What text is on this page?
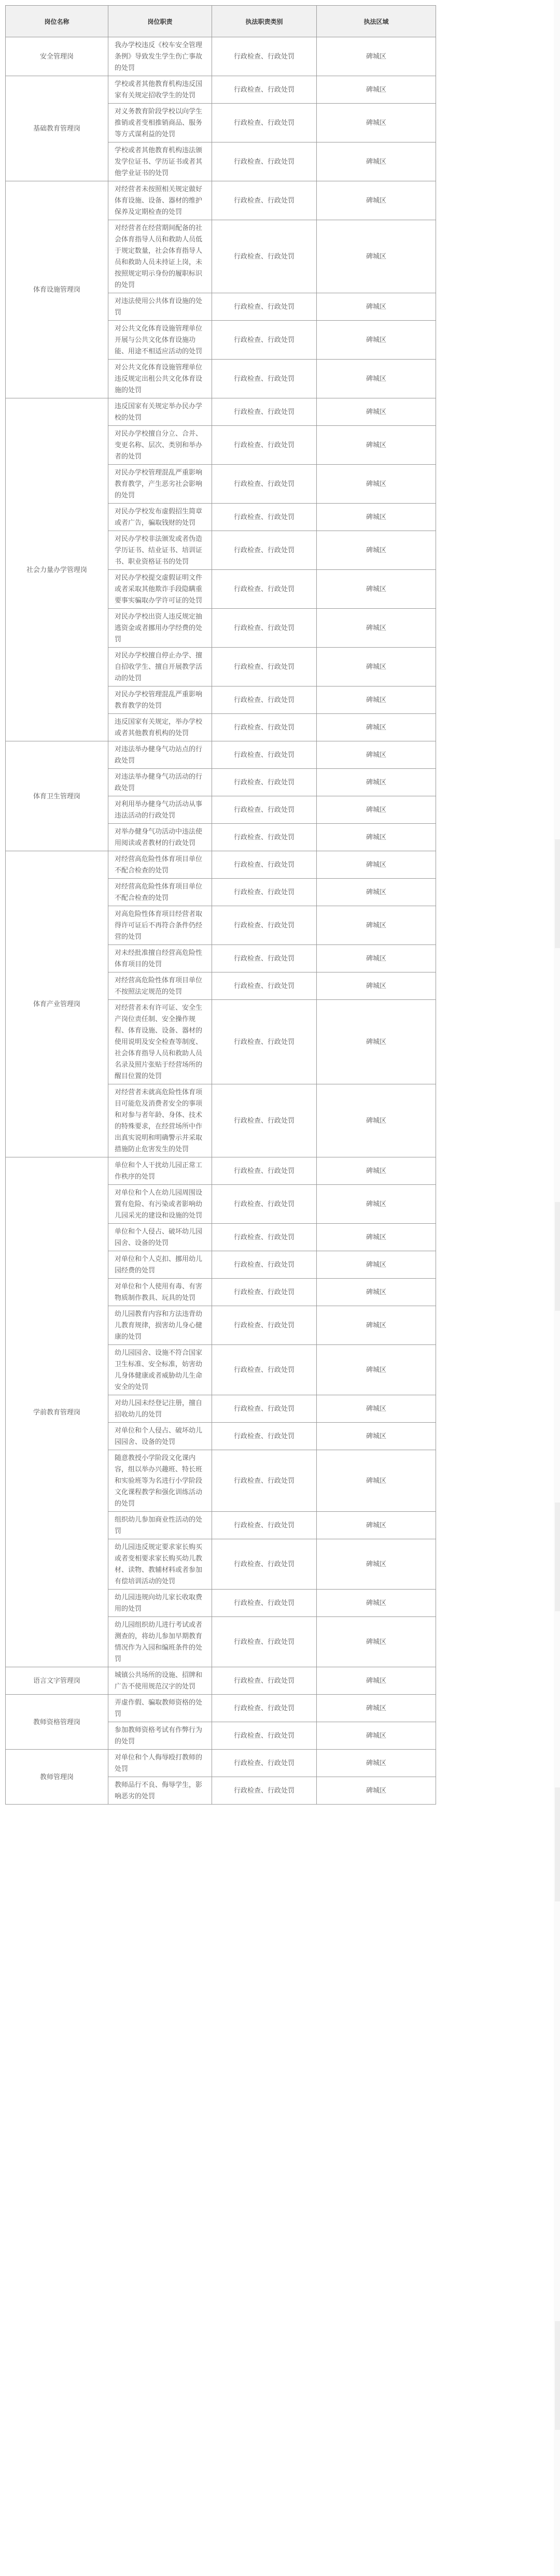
岗位名称	岗位职责	执法职责类别	执法区域
安全管理岗	我办学校违反《校车安全管理条例》导致发生学生伤亡事故的处罚	行政检查、行政处罚	碑城区
基础教育管理岗	学校或者其他教育机构违反国家有关规定招收学生的处罚	行政检查、行政处罚	碑城区
	对义务教育阶段学校以向学生推销或者变相推销商品、服务等方式谋利益的处罚	行政检查、行政处罚	碑城区
	学校或者其他教育机构违法颁发学位证书、学历证书或者其他学业证书的处罚	行政检查、行政处罚	碑城区
体育设施管理岗	对经营者未按照相关规定做好体育设施、设备、器材的维护保养及定期检查的处罚	行政检查、行政处罚	碑城区
	对经营者在经营期间配备的社会体育指导人员和救助人员低于规定数量，社会体育指导人员和救助人员未持证上岗，未按照规定明示身份的履职标识的处罚	行政检查、行政处罚	碑城区
	对违法使用公共体育设施的处罚	行政检查、行政处罚	碑城区
	对公共文化体育设施管理单位开展与公共文化体育设施功能、用途不相适应活动的处罚	行政检查、行政处罚	碑城区
	对公共文化体育设施管理单位违反规定出租公共文化体育设施的处罚	行政检查、行政处罚	碑城区
社会力量办学管理岗	违反国家有关规定举办民办学校的处罚	行政检查、行政处罚	碑城区
	对民办学校擅自分立、合并、变更名称、层次、类别和举办者的处罚	行政检查、行政处罚	碑城区
	对民办学校管理混乱严重影响教育教学，产生恶劣社会影响的处罚	行政检查、行政处罚	碑城区
	对民办学校发布虚假招生简章或者广告，骗取钱财的处罚	行政检查、行政处罚	碑城区
	对民办学校非法颁发或者伪造学历证书、结业证书、培训证书、职业资格证书的处罚	行政检查、行政处罚	碑城区
	对民办学校提交虚假证明文件或者采取其他欺诈手段隐瞒重要事实骗取办学许可证的处罚	行政检查、行政处罚	碑城区
	对民办学校出资人违反规定抽逃资金或者挪用办学经费的处罚	行政检查、行政处罚	碑城区
	对民办学校擅自停止办学、擅自招收学生、擅自开展教学活动的处罚	行政检查、行政处罚	碑城区
	对民办学校管理混乱严重影响教育教学的处罚	行政检查、行政处罚	碑城区
	违反国家有关规定，举办学校或者其他教育机构的处罚	行政检查、行政处罚	碑城区
体育卫生管理岗	对违法举办健身气功站点的行政处罚	行政检查、行政处罚	碑城区
	对违法举办健身气功活动的行政处罚	行政检查、行政处罚	碑城区
	对利用举办健身气功活动从事违法活动的行政处罚	行政检查、行政处罚	碑城区
	对举办健身气功活动中违法使用阅读或者教材的行政处罚	行政检查、行政处罚	碑城区
体育产业管理岗	对经营高危险性体育项目单位不配合检查的处罚	行政检查、行政处罚	碑城区
	对经营高危险性体育项目单位不配合检查的处罚	行政检查、行政处罚	碑城区
	对高危险性体育项目经营者取得许可证后不再符合条件仍经营的处罚	行政检查、行政处罚	碑城区
	对未经批准擅自经营高危险性体育项目的处罚	行政检查、行政处罚	碑城区
	对经营高危险性体育项目单位不按照法定规范的处罚	行政检查、行政处罚	碑城区
	对经营者未有许可证、安全生产岗位责任制、安全操作规程、体育设施、设备、器材的使用说明及安全检查等制度、社会体育指导人员和救助人员名录及照片张贴于经营场所的醒目位置的处罚	行政检查、行政处罚	碑城区
	对经营者未就高危险性体育项目可能危及消费者安全的事项和对参与者年龄、身体、技术的特殊要求，在经营场所中作出真实说明和明确警示并采取措施防止危害发生的处罚	行政检查、行政处罚	碑城区
学前教育管理岗	单位和个人干扰幼儿园正常工作秩序的处罚	行政检查、行政处罚	碑城区
	对单位和个人在幼儿园周围设置有危险、有污染或者影响幼儿园采光的建设和设施的处罚	行政检查、行政处罚	碑城区
	单位和个人侵占、破坏幼儿园园舍、设备的处罚	行政检查、行政处罚	碑城区
	对单位和个人克扣、挪用幼儿园经费的处罚	行政检查、行政处罚	碑城区
	对单位和个人使用有毒、有害物质制作教具、玩具的处罚	行政检查、行政处罚	碑城区
	幼儿园教育内容和方法违背幼儿教育规律，损害幼儿身心健康的处罚	行政检查、行政处罚	碑城区
	幼儿园园舍、设施不符合国家卫生标准、安全标准，妨害幼儿身体健康或者威胁幼儿生命安全的处罚	行政检查、行政处罚	碑城区
	对幼儿园未经登记注册，擅自招收幼儿的处罚	行政检查、行政处罚	碑城区
	对单位和个人侵占、破坏幼儿园园舍、设备的处罚	行政检查、行政处罚	碑城区
	随意教授小学阶段文化课内容，组以举办兴趣班、特长班和实验班等为名进行小学阶段文化课程教学和强化训练活动的处罚	行政检查、行政处罚	碑城区
	组织幼儿参加商业性活动的处罚	行政检查、行政处罚	碑城区
	幼儿园违反规定要求家长购买或者变相要求家长购买幼儿教材、读物、教辅材料或者参加有偿培训活动的处罚	行政检查、行政处罚	碑城区
	幼儿园违规向幼儿家长收取费用的处罚	行政检查、行政处罚	碑城区
	幼儿园组织幼儿进行考试或者测查的，将幼儿参加早期教育情况作为入园和编班条件的处罚	行政检查、行政处罚	碑城区
语言文字管理岗	城镇公共场所的设施、招牌和广告不使用规范汉字的处罚	行政检查、行政处罚	碑城区
教师资格管理岗	弄虚作假、骗取教师资格的处罚	行政检查、行政处罚	碑城区
	参加教师资格考试有作弊行为的处罚	行政检查、行政处罚	碑城区
教师管理岗	对单位和个人侮辱殴打教师的处罚	行政检查、行政处罚	碑城区
	教师品行不良、侮辱学生，影响恶劣的处罚	行政检查、行政处罚	碑城区
